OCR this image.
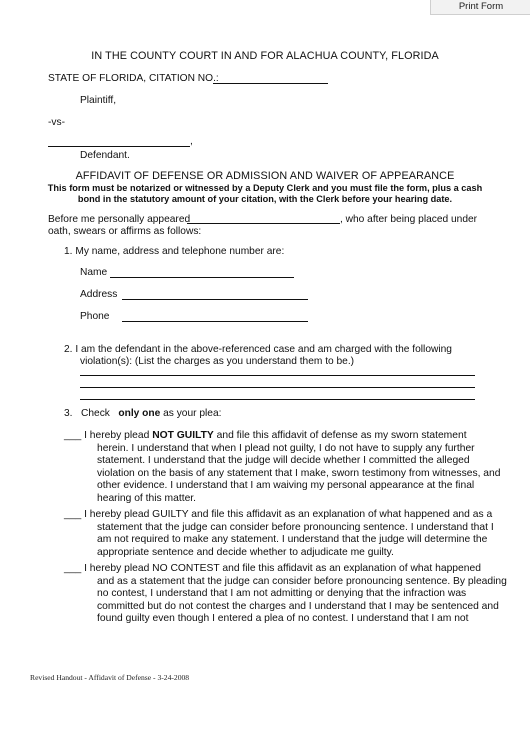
Print Form
IN THE COUNTY COURT IN AND FOR ALACHUA COUNTY, FLORIDA
STATE OF FLORIDA, CITATION NO.:
Plaintiff,
-vs-
,
Defendant.
AFFIDAVIT OF DEFENSE OR ADMISSION AND WAIVER OF APPEARANCE
This form must be notarized or witnessed by a Deputy Clerk and you must file the form, plus a cash
bond in the statutory amount of your citation, with the Clerk before your hearing date.
Before me personally appeared	, who after being placed under
oath, swears or affirms as follows:
1. My name, address and telephone number are:
Name
Address
Phone
2. I am the defendant in the above-referenced case and am charged with the following
violation(s): (List the charges as you understand them to be.)
3. Check only one as your plea:
___ I hereby plead NOT GUILTY and file this affidavit of defense as my sworn statement
herein. I understand that when I plead not guilty, I do not have to supply any further
statement. I understand that the judge will decide whether I committed the alleged
violation on the basis of any statement that I make, sworn testimony from witnesses, and
other evidence. I understand that I am waiving my personal appearance at the final
hearing of this matter.
___ I hereby plead GUILTY and file this affidavit as an explanation of what happened and as a
statement that the judge can consider before pronouncing sentence. I understand that I
am not required to make any statement. I understand that the judge will determine the
appropriate sentence and decide whether to adjudicate me guilty.
___ I hereby plead NO CONTEST and file this affidavit as an explanation of what happened
and as a statement that the judge can consider before pronouncing sentence. By pleading
no contest, I understand that I am not admitting or denying that the infraction was
committed but do not contest the charges and I understand that I may be sentenced and
found guilty even though I entered a plea of no contest. I understand that I am not
Revised Handout - Affidavit of Defense - 3-24-2008
